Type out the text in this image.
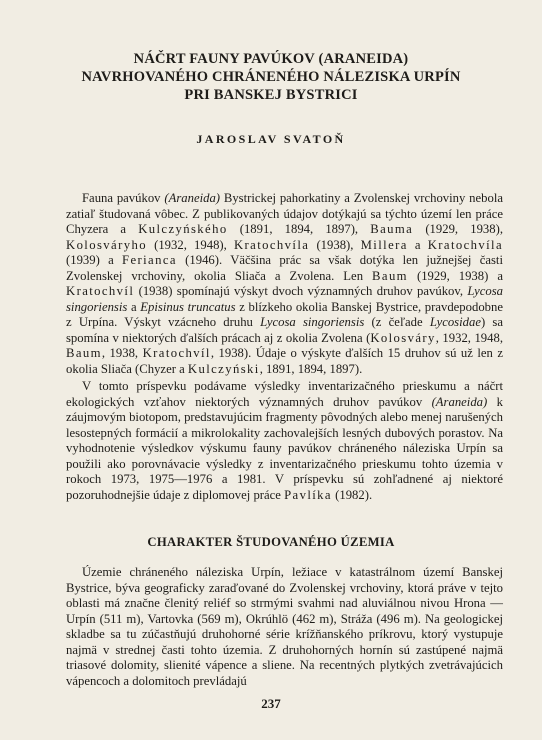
NÁČRT FAUNY PAVÚKOV (ARANEIDA)
NAVRHOVANÉHO CHRÁNENÉHO NÁLEZISKA URPÍN
PRI BANSKEJ BYSTRICI
JAROSLAV SVATOŇ

Fauna pavúkov (Araneida) Bystrickej pahorkatiny a Zvolenskej vrchoviny nebola zatiaľ študovaná vôbec. Z publikovaných údajov dotýkajú sa týchto území len práce Chyzera a Kulczyńského (1891, 1894, 1897), Bauma (1929, 1938), Kolosváryho (1932, 1948), Kratochvíla (1938), Millera a Kratochvíla (1939) a Ferianca (1946). Väčšina prác sa však dotýka len južnejšej časti Zvolenskej vrchoviny, okolia Sliača a Zvolena. Len Baum (1929, 1938) a Kratochvíl (1938) spomínajú výskyt dvoch významných druhov pavúkov, Lycosa singoriensis a Episinus truncatus z blízkeho okolia Banskej Bystrice, pravdepodobne z Urpína. Výskyt vzácneho druhu Lycosa singoriensis (z čeľade Lycosidae) sa spomína v niektorých ďalších prácach aj z okolia Zvolena (Kolosváry, 1932, 1948, Baum, 1938, Kratochvíl, 1938). Údaje o výskyte ďalších 15 druhov sú už len z okolia Sliača (Chyzer a Kulczyński, 1891, 1894, 1897).

V tomto príspevku podávame výsledky inventarizačného prieskumu a náčrt ekologických vzťahov niektorých významných druhov pavúkov (Araneida) k záujmovým biotopom, predstavujúcim fragmenty pôvodných alebo menej narušených lesostepných formácií a mikrolokality zachovalejších lesných dubových porastov. Na vyhodnotenie výsledkov výskumu fauny pavúkov chráneného náleziska Urpín sa použili ako porovnávacie výsledky z inventarizačného prieskumu tohto územia v rokoch 1973, 1975—1976 a 1981. V príspevku sú zohľadnené aj niektoré pozoruhodnejšie údaje z diplomovej práce Pavlíka (1982).

CHARAKTER ŠTUDOVANÉHO ÚZEMIA

Územie chráneného náleziska Urpín, ležiace v katastrálnom území Banskej Bystrice, býva geograficky zaraďované do Zvolenskej vrchoviny, ktorá práve v tejto oblasti má značne členitý reliéf so strmými svahmi nad aluviálnou nivou Hrona — Urpín (511 m), Vartovka (569 m), Okrúhlö (462 m), Stráža (496 m). Na geologickej skladbe sa tu zúčastňujú druhohorné série krížňanského príkrovu, ktorý vystupuje najmä v strednej časti tohto územia. Z druhohorných hornín sú zastúpené najmä triasové dolomity, slienité vápence a sliene. Na recentných plytkých zvetrávajúcich vápencoch a dolomitoch prevládajú

237
